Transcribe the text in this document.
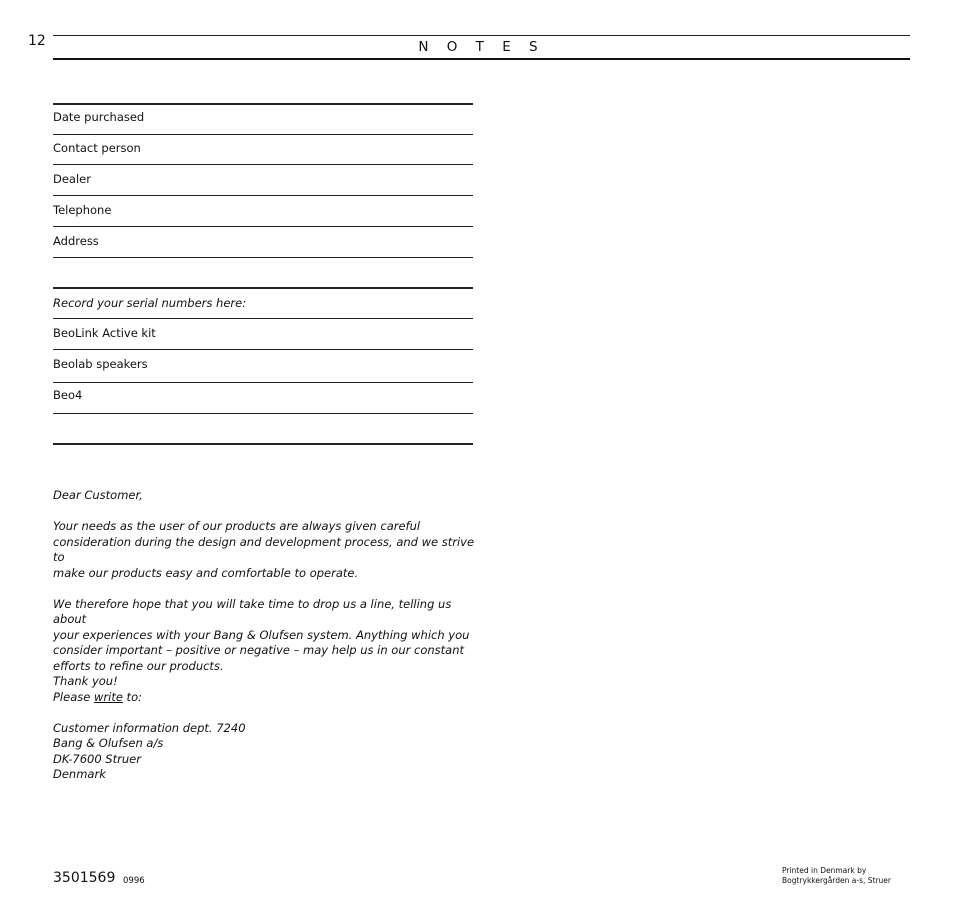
12	N O T E S
Date purchased
Contact person
Dealer
Telephone
Address
Record your serial numbers here:
BeoLink Active kit
Beolab speakers
Beo4

Dear Customer,

Your needs as the user of our products are always given careful

consideration during the design and development process, and we strive to

make our products easy and comfortable to operate.

We therefore hope that you will take time to drop us a line, telling us about

your experiences with your Bang & Olufsen system. Anything which you

consider important – positive or negative – may help us in our constant

efforts to refine our products.

Thank you!

Please write to:

Customer information dept. 7240

Bang & Olufsen a/s

DK-7600 Struer

Denmark

3501569 0996
Printed in Denmark by
Bogtrykkergården a-s, Struer
